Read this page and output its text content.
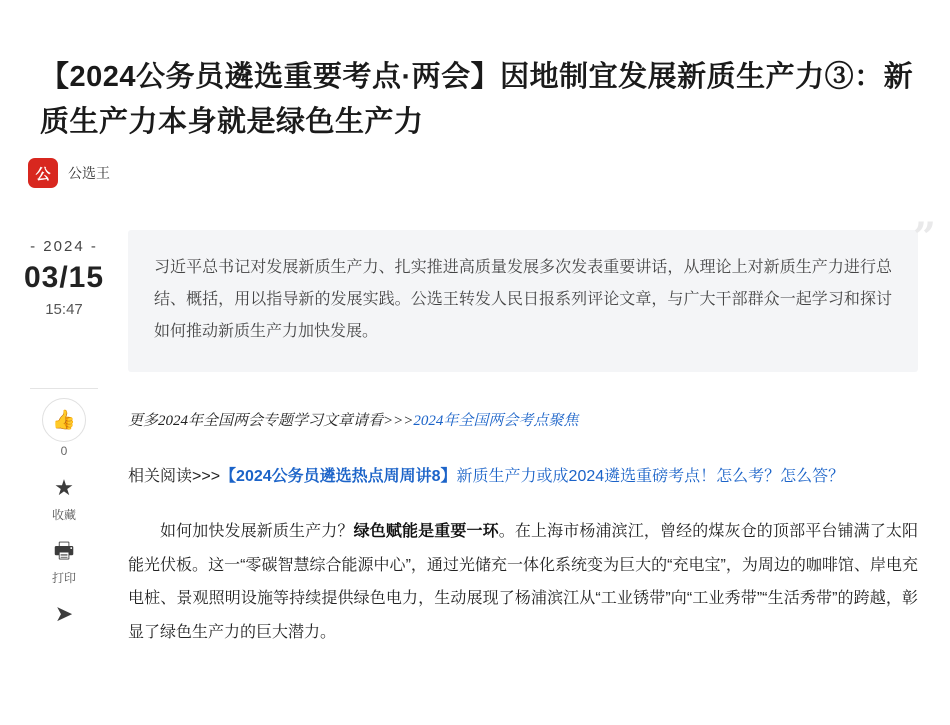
【2024公务员遴选重要考点·两会】因地制宜发展新质生产力③：新质生产力本身就是绿色生产力
公	公选王
- 2024 -
03/15
15:47
👍
0
★
收藏
🖶
打印
➤
”
习近平总书记对发展新质生产力、扎实推进高质量发展多次发表重要讲话，从理论上对新质生产力进行总结、概括，用以指导新的发展实践。公选王转发人民日报系列评论文章，与广大干部群众一起学习和探讨如何推动新质生产力加快发展。

更多2024年全国两会专题学习文章请看>>>2024年全国两会考点聚焦

相关阅读>>>【2024公务员遴选热点周周讲8】新质生产力或成2024遴选重磅考点！怎么考？怎么答？

如何加快发展新质生产力？绿色赋能是重要一环。在上海市杨浦滨江，曾经的煤灰仓的顶部平台铺满了太阳能光伏板。这一“零碳智慧综合能源中心”，通过光储充一体化系统变为巨大的“充电宝”，为周边的咖啡馆、岸电充电桩、景观照明设施等持续提供绿色电力，生动展现了杨浦滨江从“工业锈带”向“工业秀带”“生活秀带”的跨越，彰显了绿色生产力的巨大潜力。
